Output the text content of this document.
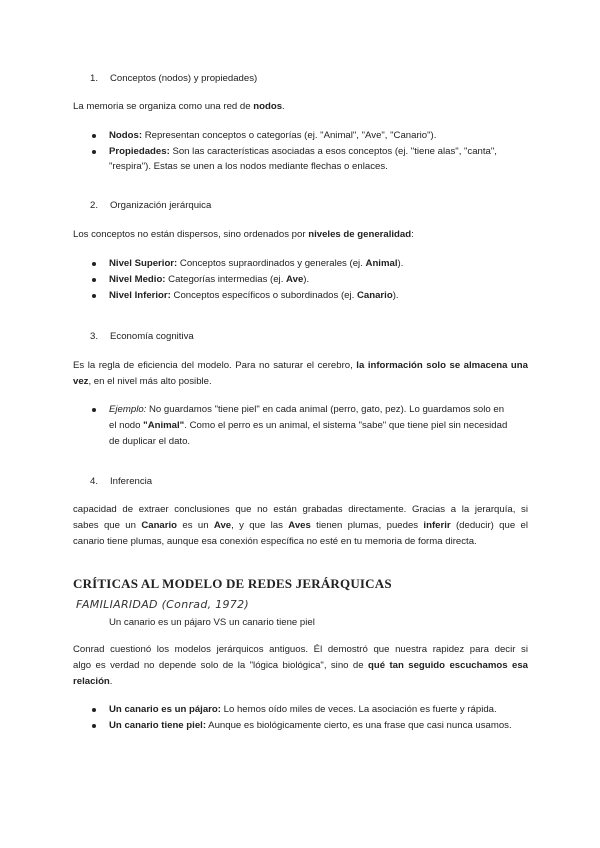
1. Conceptos (nodos) y propiedades)
La memoria se organiza como una red de nodos.
Nodos: Representan conceptos o categorías (ej. "Animal", "Ave", "Canario").
Propiedades: Son las características asociadas a esos conceptos (ej. "tiene alas", "canta",
"respira"). Estas se unen a los nodos mediante flechas o enlaces.
2. Organización jerárquica
Los conceptos no están dispersos, sino ordenados por niveles de generalidad:
Nivel Superior: Conceptos supraordinados y generales (ej. Animal).
Nivel Medio: Categorías intermedias (ej. Ave).
Nivel Inferior: Conceptos específicos o subordinados (ej. Canario).
3. Economía cognitiva
Es la regla de eficiencia del modelo. Para no saturar el cerebro, la información solo se almacena una
vez, en el nivel más alto posible.
Ejemplo: No guardamos "tiene piel" en cada animal (perro, gato, pez). Lo guardamos solo en
el nodo "Animal". Como el perro es un animal, el sistema "sabe" que tiene piel sin necesidad
de duplicar el dato.
4. Inferencia
capacidad de extraer conclusiones que no están grabadas directamente. Gracias a la jerarquía, si
sabes que un Canario es un Ave, y que las Aves tienen plumas, puedes inferir (deducir) que el
canario tiene plumas, aunque esa conexión específica no esté en tu memoria de forma directa.
CRÍTICAS AL MODELO DE REDES JERÁRQUICAS
FAMILIARIDAD (Conrad, 1972)
Un canario es un pájaro VS un canario tiene piel
Conrad cuestionó los modelos jerárquicos antiguos. Él demostró que nuestra rapidez para decir si
algo es verdad no depende solo de la "lógica biológica", sino de qué tan seguido escuchamos esa
relación.
Un canario es un pájaro: Lo hemos oído miles de veces. La asociación es fuerte y rápida.
Un canario tiene piel: Aunque es biológicamente cierto, es una frase que casi nunca usamos.
